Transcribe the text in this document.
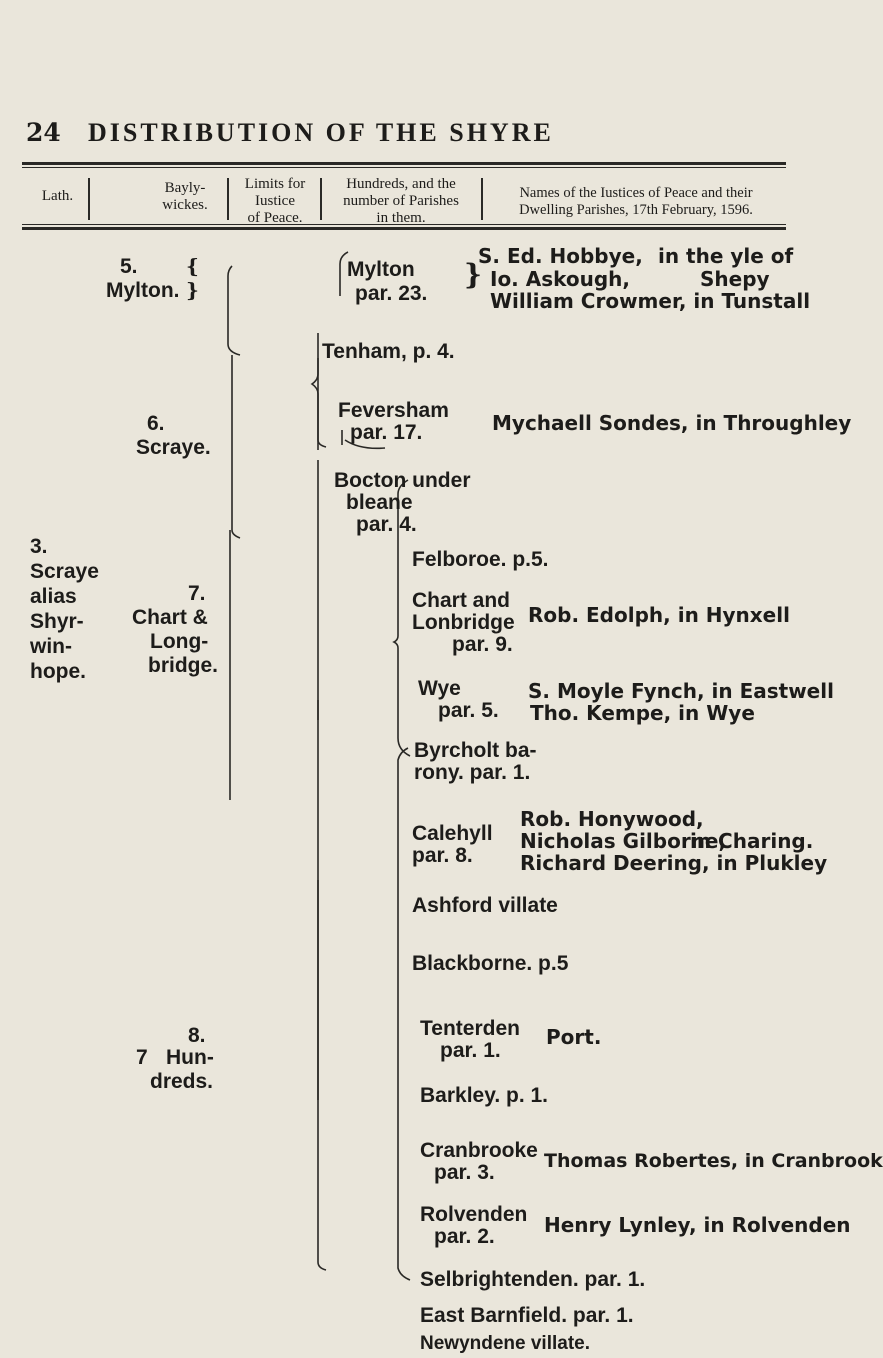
24 DISTRIBUTION OF THE SHYRE
Lath.	Bayly-
wickes.
Limits for
Iustice
of Peace.
Hundreds, and the
number of Parishes
in them.
Names of the Iustices of Peace and their
Dwelling Parishes, 17th February, 1596.
3.
Scraye
alias
Shyr-
win-
hope.
5. {
Mylton. }
6.
Scraye.
7.
Chart &
Long-
bridge.
8.
7 Hun-
dreds.
Mylton
par. 23.
Tenham, p. 4.
Feversham
par. 17.
Bocton under
bleane
par. 4.
Felboroe. p.5.
Chart and
Lonbridge
par. 9.
Wye
par. 5.
Byrcholt ba-
rony. par. 1.
Calehyll
par. 8.
Ashford villate
Blackborne. p.5
Tenterden
par. 1.
Barkley. p. 1.
Cranbrooke
par. 3.
Rolvenden
par. 2.
Selbrightenden. par. 1.
East Barnfield. par. 1.
Newyndene villate.
S. Ed. Hobbye, in the yle of
Io. Askough,	Shepy
William Crowmer, in Tunstall
}
Mychaell Sondes, in Throughley
Rob. Edolph, in Hynxell
S. Moyle Fynch, in Eastwell
Tho. Kempe, in Wye
Rob. Honywood,
Nicholas Gilborne,
in Charing.
Richard Deering, in Plukley
Port.
Thomas Robertes, in Cranbrook
Henry Lynley, in Rolvenden
